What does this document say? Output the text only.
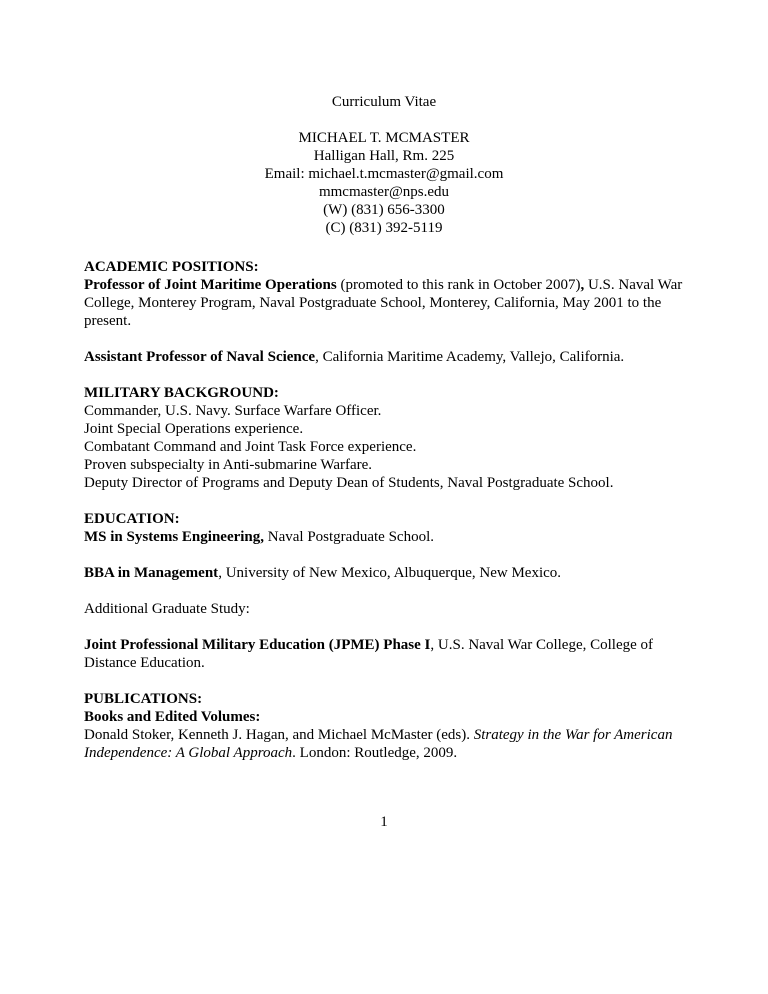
Curriculum Vitae
MICHAEL T. MCMASTER
Halligan Hall, Rm. 225
Email: michael.t.mcmaster@gmail.com
mmcmaster@nps.edu
(W) (831) 656-3300
(C) (831) 392-5119
ACADEMIC POSITIONS:

Professor of Joint Maritime Operations (promoted to this rank in October 2007), U.S. Naval War College, Monterey Program, Naval Postgraduate School, Monterey, California, May 2001 to the present.

Assistant Professor of Naval Science, California Maritime Academy, Vallejo, California.

MILITARY BACKGROUND:
Commander, U.S. Navy. Surface Warfare Officer.
Joint Special Operations experience.
Combatant Command and Joint Task Force experience.
Proven subspecialty in Anti-submarine Warfare.
Deputy Director of Programs and Deputy Dean of Students, Naval Postgraduate School.
EDUCATION:

MS in Systems Engineering, Naval Postgraduate School.

BBA in Management, University of New Mexico, Albuquerque, New Mexico.

Additional Graduate Study:

Joint Professional Military Education (JPME) Phase I, U.S. Naval War College, College of Distance Education.

PUBLICATIONS:
Books and Edited Volumes:

Donald Stoker, Kenneth J. Hagan, and Michael McMaster (eds). Strategy in the War for American Independence: A Global Approach. London: Routledge, 2009.

1
